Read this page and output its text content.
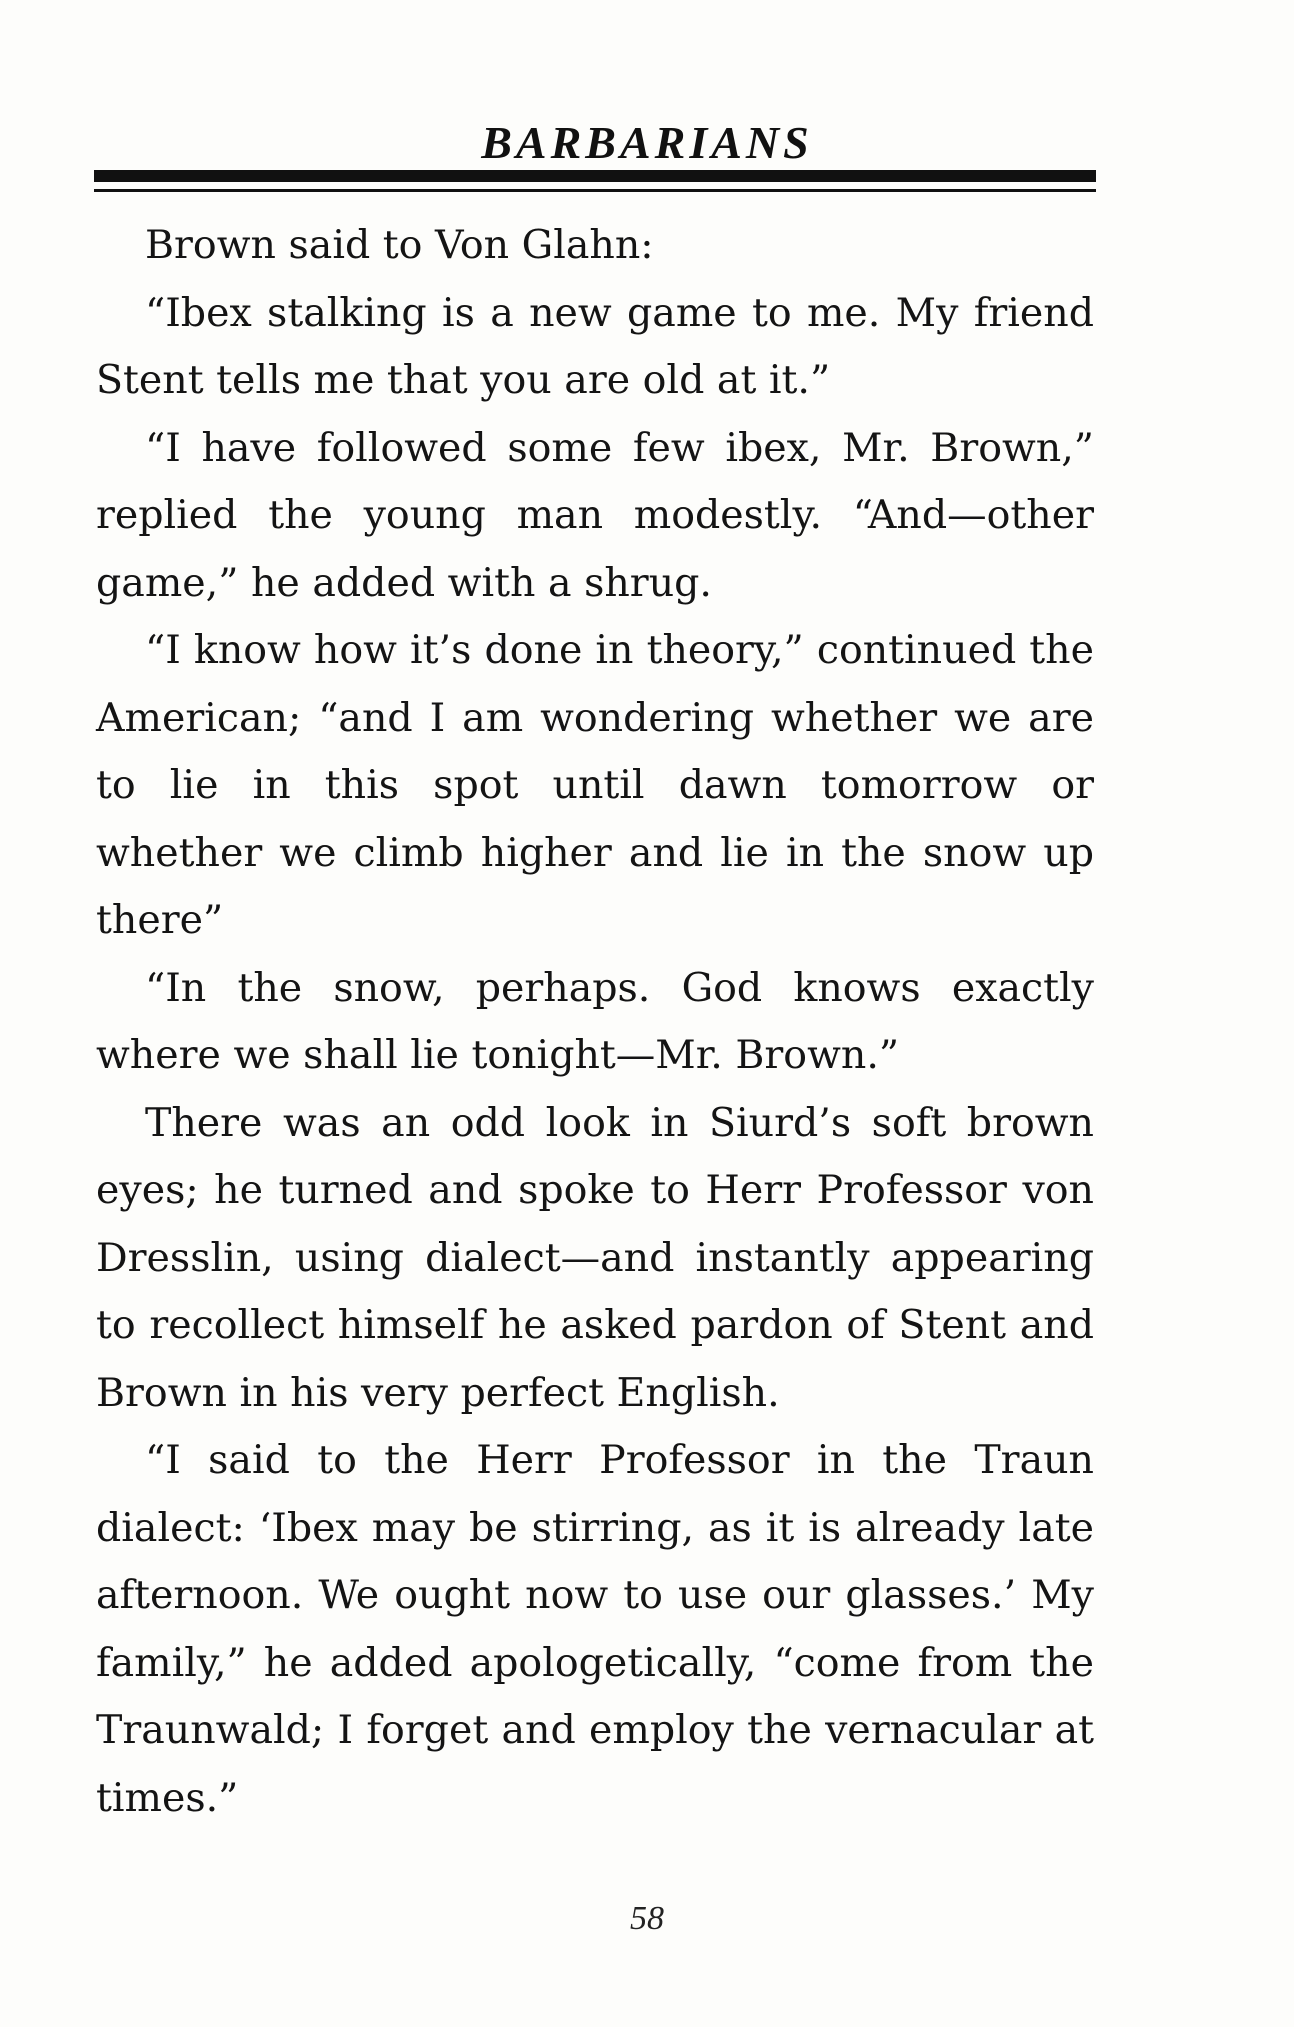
BARBARIANS

Brown said to Von Glahn:

“Ibex stalking is a new game to me. My friend Stent tells me that you are old at it.”

“I have followed some few ibex, Mr. Brown,” replied the young man modestly. “And—other game,” he added with a shrug.

“I know how it’s done in theory,” continued the American; “and I am wondering whether we are to lie in this spot until dawn tomorrow or whether we climb higher and lie in the snow up there”

“In the snow, perhaps. God knows exactly where we shall lie tonight—Mr. Brown.”

There was an odd look in Siurd’s soft brown eyes; he turned and spoke to Herr Professor von Dresslin, using dialect—and instantly appearing to recollect himself he asked pardon of Stent and Brown in his very perfect English.

“I said to the Herr Professor in the Traun dialect: ‘Ibex may be stirring, as it is already late afternoon. We ought now to use our glasses.’ My family,” he added apologetically, “come from the Traunwald; I forget and employ the vernacular at times.”

58
